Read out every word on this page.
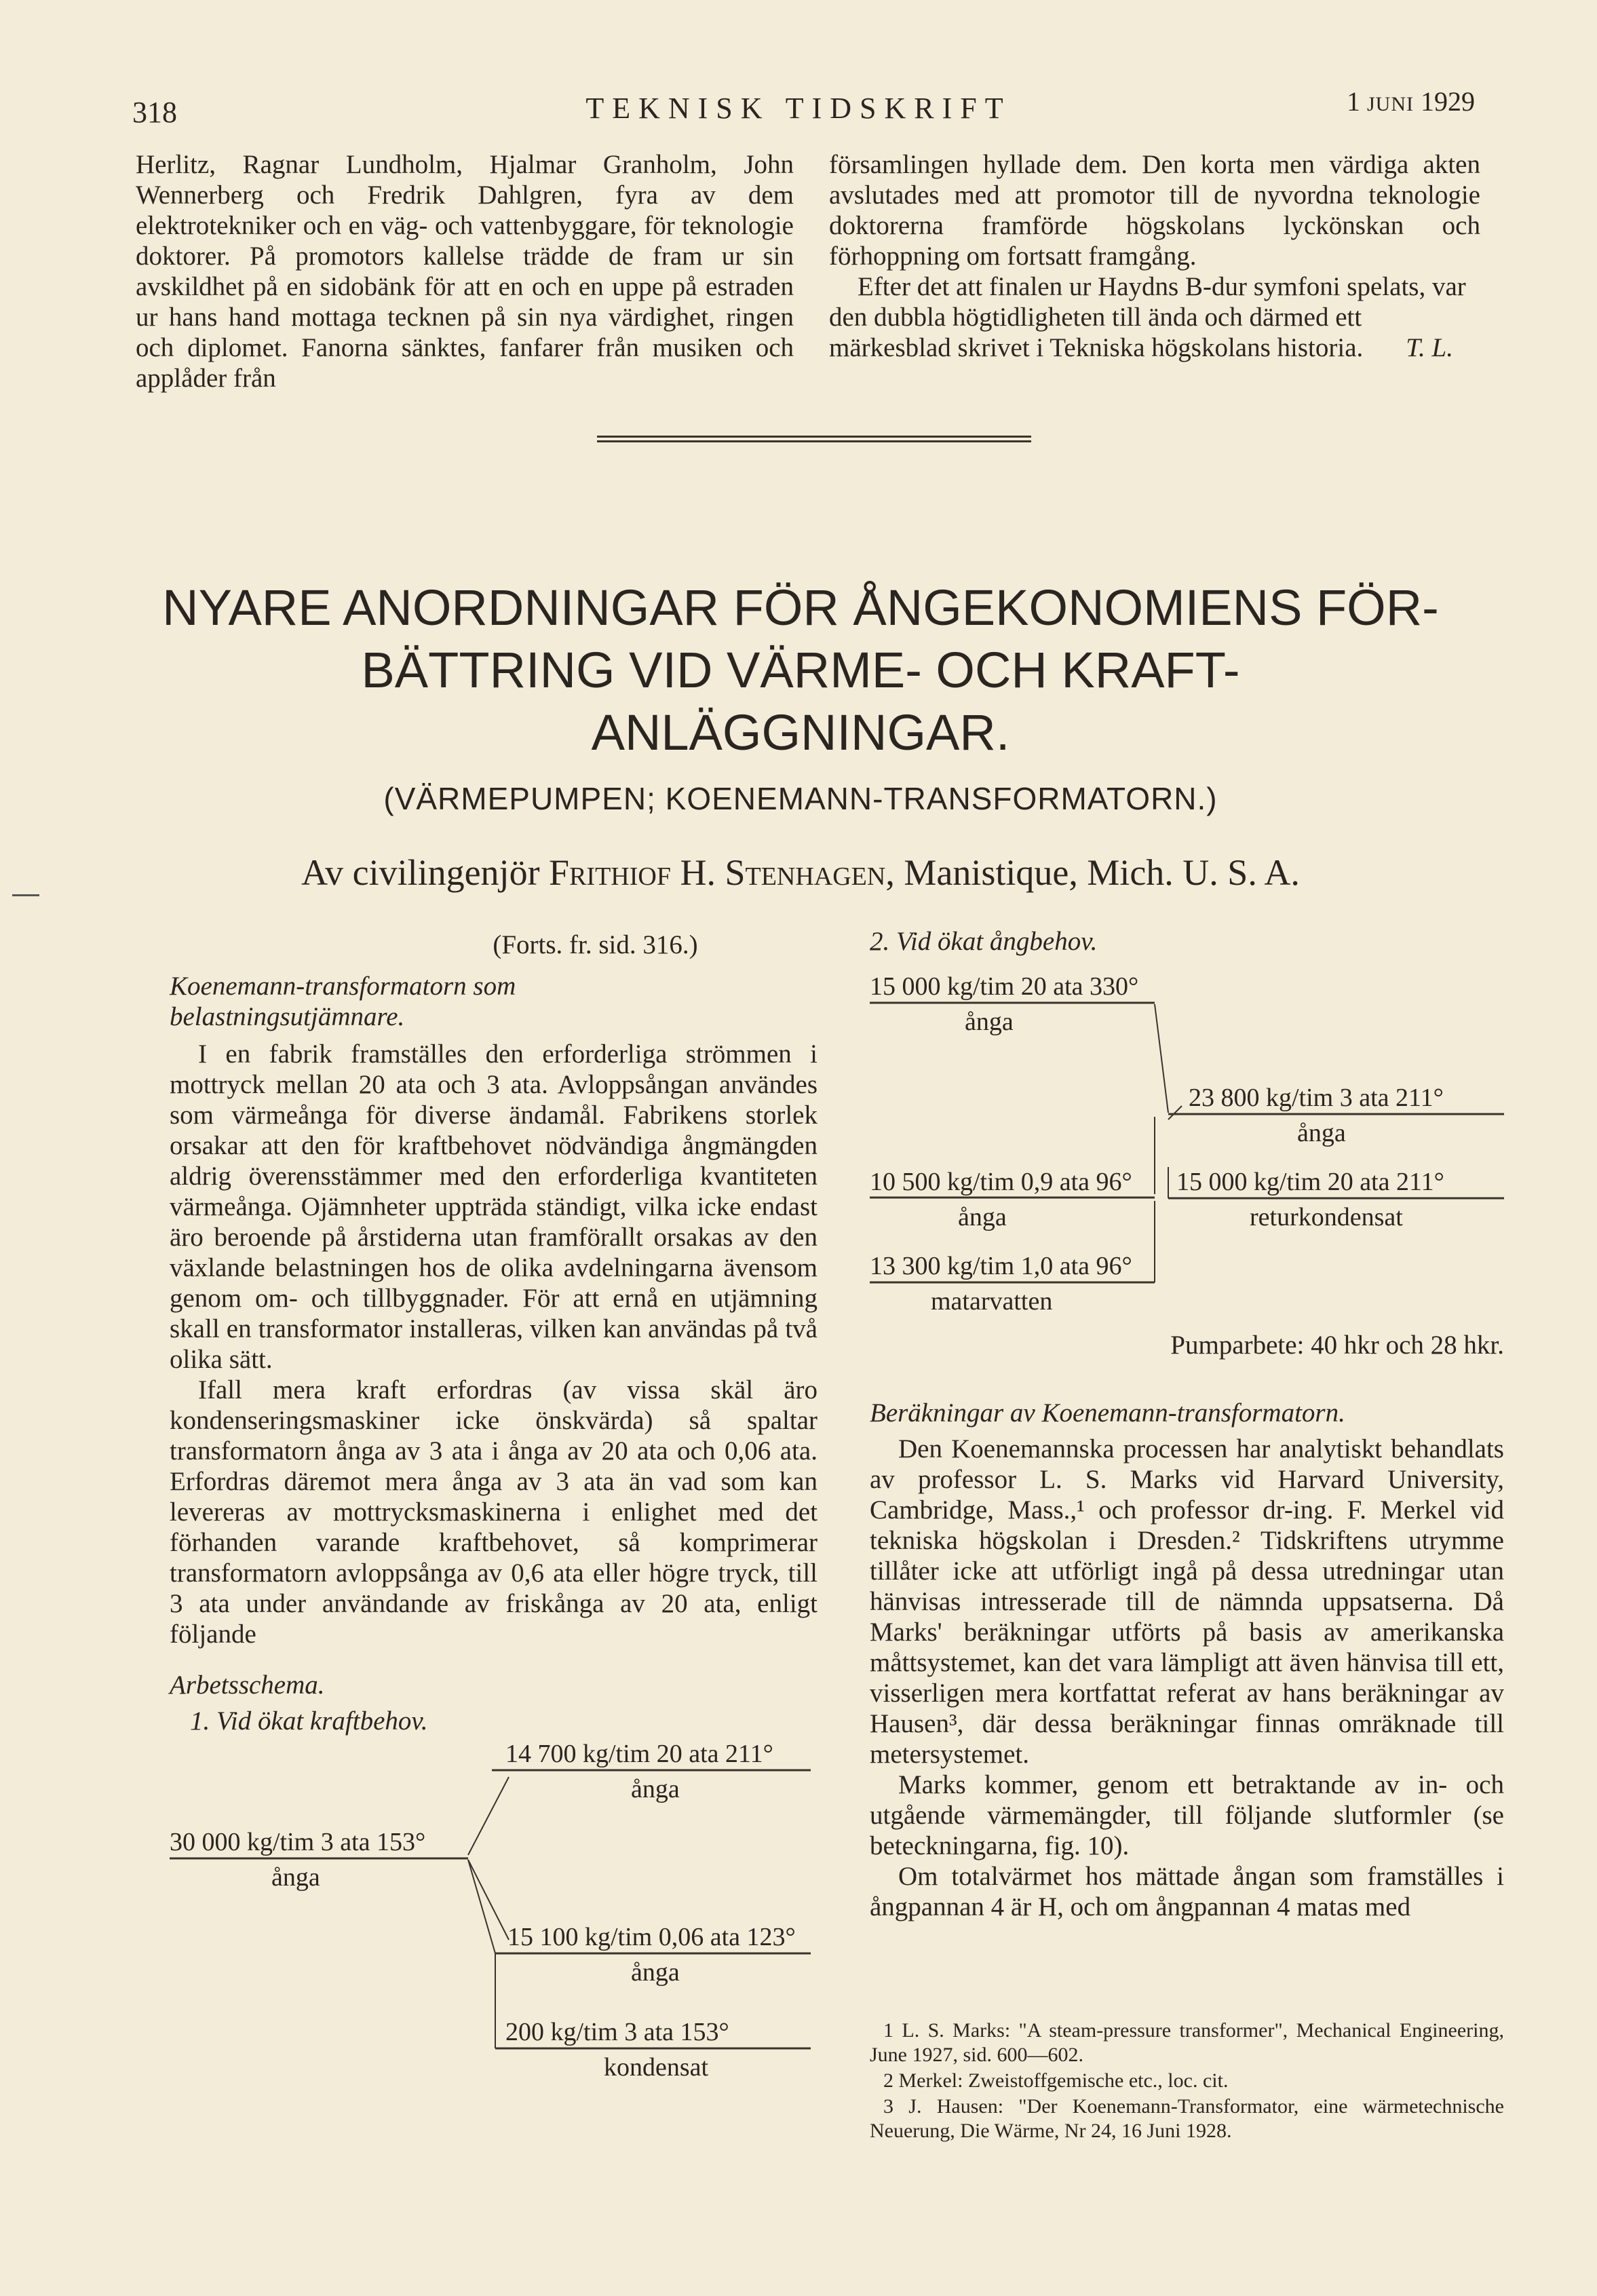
318	TEKNISK TIDSKRIFT	1 JUNI 1929

Herlitz, Ragnar Lundholm, Hjalmar Granholm, John Wennerberg och Fredrik Dahlgren, fyra av dem elektrotekniker och en väg- och vattenbyggare, för teknologie doktorer. På promotors kallelse trädde de fram ur sin avskildhet på en sidobänk för att en och en uppe på estraden ur hans hand mottaga tecknen på sin nya värdighet, ringen och diplomet. Fanorna sänktes, fanfarer från musiken och applåder från

församlingen hyllade dem. Den korta men värdiga akten avslutades med att promotor till de nyvordna teknologie doktorerna framförde högskolans lyckönskan och förhoppning om fortsatt framgång.

Efter det att finalen ur Haydns B-dur symfoni spelats, var den dubbla högtidligheten till ända och därmed ett märkesblad skrivet i Tekniska högskolans historia.	T. L.

NYARE ANORDNINGAR FÖR ÅNGEKONOMIENS FÖR-
BÄTTRING VID VÄRME- OCH KRAFT-
ANLÄGGNINGAR.
(VÄRMEPUMPEN; KOENEMANN-TRANSFORMATORN.)
Av civilingenjör Frithiof H. Stenhagen, Manistique, Mich. U. S. A.

(Forts. fr. sid. 316.)

Koenemann-transformatorn som belastningsutjämnare.

I en fabrik framställes den erforderliga strömmen i mottryck mellan 20 ata och 3 ata. Avloppsångan användes som värmeånga för diverse ändamål. Fabrikens storlek orsakar att den för kraftbehovet nödvändiga ångmängden aldrig överensstämmer med den erforderliga kvantiteten värmeånga. Ojämnheter uppträda ständigt, vilka icke endast äro beroende på årstiderna utan framförallt orsakas av den växlande belastningen hos de olika avdelningarna ävensom genom om- och tillbyggnader. För att ernå en utjämning skall en transformator installeras, vilken kan användas på två olika sätt.

Ifall mera kraft erfordras (av vissa skäl äro kondenseringsmaskiner icke önskvärda) så spaltar transformatorn ånga av 3 ata i ånga av 20 ata och 0,06 ata. Erfordras däremot mera ånga av 3 ata än vad som kan levereras av mottrycksmaskinerna i enlighet med det förhanden varande kraftbehovet, så komprimerar transformatorn avloppsånga av 0,6 ata eller högre tryck, till 3 ata under användande av friskånga av 20 ata, enligt följande

Arbetsschema.

1. Vid ökat kraftbehov.

14 700 kg/tim 20 ata 211°
ånga
30 000 kg/tim 3 ata 153°
ånga
15 100 kg/tim 0,06 ata 123°
ånga
200 kg/tim 3 ata 153°
kondensat

2. Vid ökat ångbehov.

15 000 kg/tim 20 ata 330°
ånga
23 800 kg/tim 3 ata 211°
ånga
10 500 kg/tim 0,9 ata 96°
ånga
15 000 kg/tim 20 ata 211°
returkondensat
13 300 kg/tim 1,0 ata 96°
matarvatten

Pumparbete: 40 hkr och 28 hkr.

Beräkningar av Koenemann-transformatorn.

Den Koenemannska processen har analytiskt behandlats av professor L. S. Marks vid Harvard University, Cambridge, Mass.,¹ och professor dr-ing. F. Merkel vid tekniska högskolan i Dresden.² Tidskriftens utrymme tillåter icke att utförligt ingå på dessa utredningar utan hänvisas intresserade till de nämnda uppsatserna. Då Marks' beräkningar utförts på basis av amerikanska måttsystemet, kan det vara lämpligt att även hänvisa till ett, visserligen mera kortfattat referat av hans beräkningar av Hausen³, där dessa beräkningar finnas omräknade till metersystemet.

Marks kommer, genom ett betraktande av in- och utgående värmemängder, till följande slutformler (se beteckningarna, fig. 10).

Om totalvärmet hos mättade ångan som framställes i ångpannan 4 är H, och om ångpannan 4 matas med

1 L. S. Marks: "A steam-pressure transformer", Mechanical Engineering, June 1927, sid. 600—602.

2 Merkel: Zweistoffgemische etc., loc. cit.

3 J. Hausen: "Der Koenemann-Transformator, eine wärmetechnische Neuerung, Die Wärme, Nr 24, 16 Juni 1928.
